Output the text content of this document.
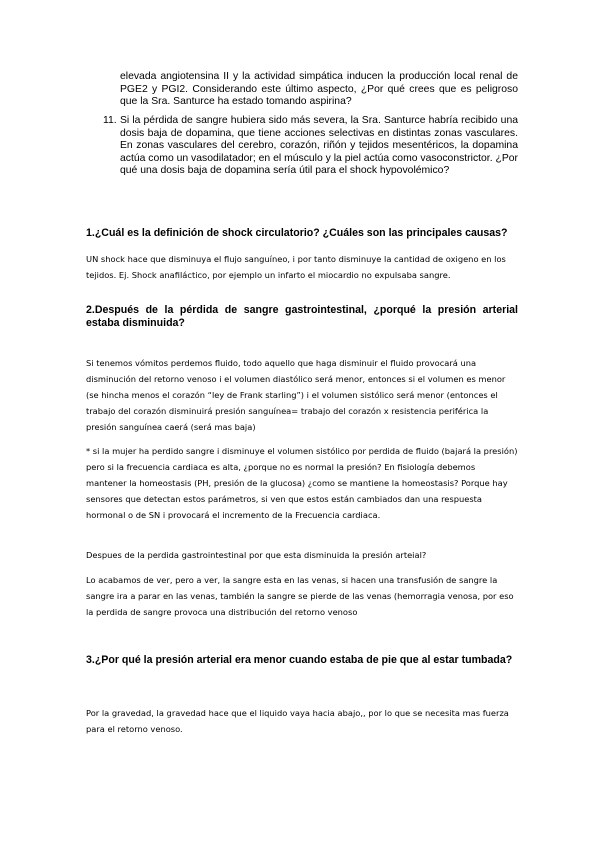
elevada angiotensina II y la actividad simpática inducen la producción local renal de PGE2 y PGI2. Considerando este último aspecto, ¿Por qué crees que es peligroso que la Sra. Santurce ha estado tomando aspirina?

11. Si la pérdida de sangre hubiera sido más severa, la Sra. Santurce habría recibido una dosis baja de dopamina, que tiene acciones selectivas en distintas zonas vasculares. En zonas vasculares del cerebro, corazón, riñón y tejidos mesentéricos, la dopamina actúa como un vasodilatador; en el músculo y la piel actúa como vasoconstrictor. ¿Por qué una dosis baja de dopamina sería útil para el shock hypovolémico?

1.¿Cuál es la definición de shock circulatorio? ¿Cuáles son las principales causas?

UN shock hace que disminuya el flujo sanguíneo, i por tanto disminuye la cantidad de oxigeno en los tejidos. Ej. Shock anafiláctico, por ejemplo un infarto el miocardio no expulsaba sangre.

2.Después de la pérdida de sangre gastrointestinal, ¿porqué la presión arterial estaba disminuida?

Si tenemos vómitos perdemos fluido, todo aquello que haga disminuir el fluido provocará una disminución del retorno venoso i el volumen diastólico será menor, entonces si el volumen es menor (se hincha menos el corazón “ley de Frank starling”) i el volumen sistólico será menor (entonces el trabajo del corazón disminuirá presión sanguínea= trabajo del corazón x resistencia periférica la presión sanguínea caerá (será mas baja)

* si la mujer ha perdido sangre i disminuye el volumen sistólico por perdida de fluido (bajará la presión) pero si la frecuencia cardiaca es alta, ¿porque no es normal la presión? En fisiología debemos mantener la homeostasis (PH, presión de la glucosa) ¿como se mantiene la homeostasis? Porque hay sensores que detectan estos parámetros, si ven que estos están cambiados dan una respuesta hormonal o de SN i provocará el incremento de la Frecuencia cardiaca.

Despues de la perdida gastrointestinal por que esta disminuida la presión arteial?

Lo acabamos de ver, pero a ver, la sangre esta en las venas, si hacen una transfusión de sangre la sangre ira a parar en las venas, también la sangre se pierde de las venas (hemorragia venosa, por eso la perdida de sangre provoca una distribución del retorno venoso

3.¿Por qué la presión arterial era menor cuando estaba de pie que al estar tumbada?

Por la gravedad, la gravedad hace que el liquido vaya hacia abajo,, por lo que se necesita mas fuerza para el retorno venoso.
